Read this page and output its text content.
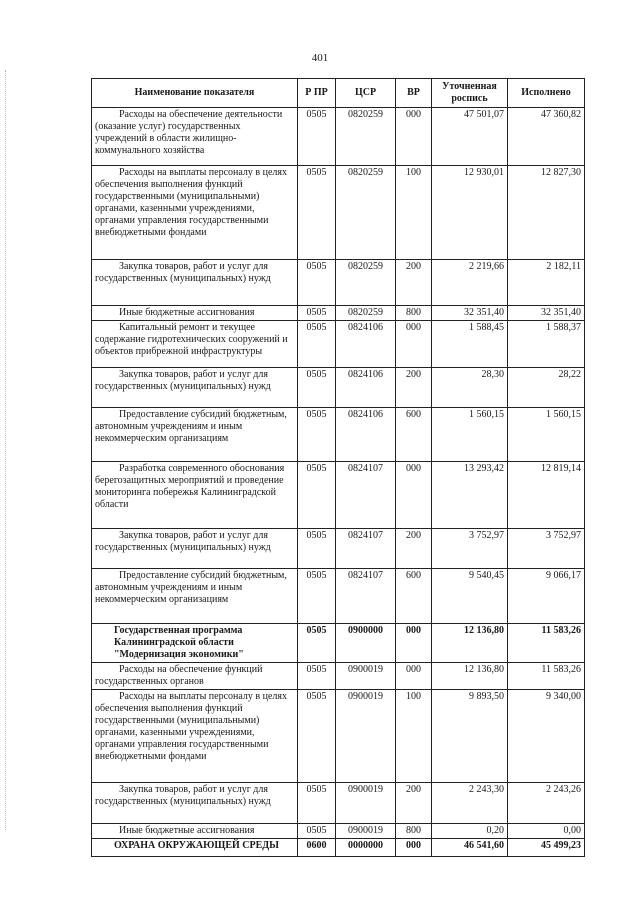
401
Наименование показателя	Р ПР	ЦСР	ВР	Уточненная роспись	Исполнено
Расходы на обеспечение деятельности (оказание услуг) государственных учреждений в области жилищно-коммунального хозяйства	0505	0820259	000	47 501,07	47 360,82
Расходы на выплаты персоналу в целях обеспечения выполнения функций государственными (муниципальными) органами, казенными учреждениями, органами управления государственными внебюджетными фондами	0505	0820259	100	12 930,01	12 827,30
Закупка товаров, работ и услуг для государственных (муниципальных) нужд	0505	0820259	200	2 219,66	2 182,11
Иные бюджетные ассигнования	0505	0820259	800	32 351,40	32 351,40
Капитальный ремонт и текущее содержание гидротехнических сооружений и объектов прибрежной инфраструктуры	0505	0824106	000	1 588,45	1 588,37
Закупка товаров, работ и услуг для государственных (муниципальных) нужд	0505	0824106	200	28,30	28,22
Предоставление субсидий бюджетным, автономным учреждениям и иным некоммерческим организациям	0505	0824106	600	1 560,15	1 560,15
Разработка современного обоснования берегозащитных мероприятий и проведение мониторинга побережья Калининградской области	0505	0824107	000	13 293,42	12 819,14
Закупка товаров, работ и услуг для государственных (муниципальных) нужд	0505	0824107	200	3 752,97	3 752,97
Предоставление субсидий бюджетным, автономным учреждениям и иным некоммерческим организациям	0505	0824107	600	9 540,45	9 066,17
Государственная программа Калининградской области "Модернизация экономики"	0505	0900000	000	12 136,80	11 583,26
Расходы на обеспечение функций государственных органов	0505	0900019	000	12 136,80	11 583,26
Расходы на выплаты персоналу в целях обеспечения выполнения функций государственными (муниципальными) органами, казенными учреждениями, органами управления государственными внебюджетными фондами	0505	0900019	100	9 893,50	9 340,00
Закупка товаров, работ и услуг для государственных (муниципальных) нужд	0505	0900019	200	2 243,30	2 243,26
Иные бюджетные ассигнования	0505	0900019	800	0,20	0,00
ОХРАНА ОКРУЖАЮЩЕЙ СРЕДЫ	0600	0000000	000	46 541,60	45 499,23
